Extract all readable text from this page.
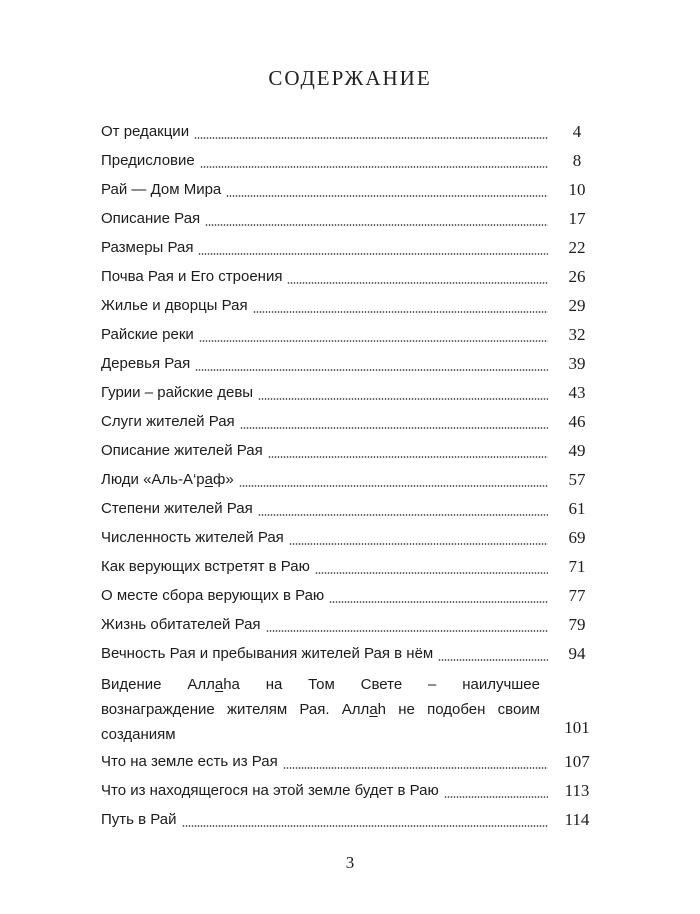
СОДЕРЖАНИЕ
От редакции	4
Предисловие	8
Рай — Дом Мира	10
Описание Рая	17
Размеры Рая	22
Почва Рая и Его строения	26
Жилье и дворцы Рая	29
Райские реки	32
Деревья Рая	39
Гурии – райские девы	43
Слуги жителей Рая	46
Описание жителей Рая	49
Люди «Аль-А‘раф»	57
Степени жителей Рая	61
Численность жителей Рая	69
Как верующих встретят в Раю	71
О месте сбора верующих в Раю	77
Жизнь обитателей Рая	79
Вечность Рая и пребывания жителей Рая в нём	94
Видение Аллаhа на Том Свете – наилучшее
вознаграждение жителям Рая. Аллаh не подобен своим
созданиям	101
Что на земле есть из Рая	107
Что из находящегося на этой земле будет в Раю	113
Путь в Рай	114
3
